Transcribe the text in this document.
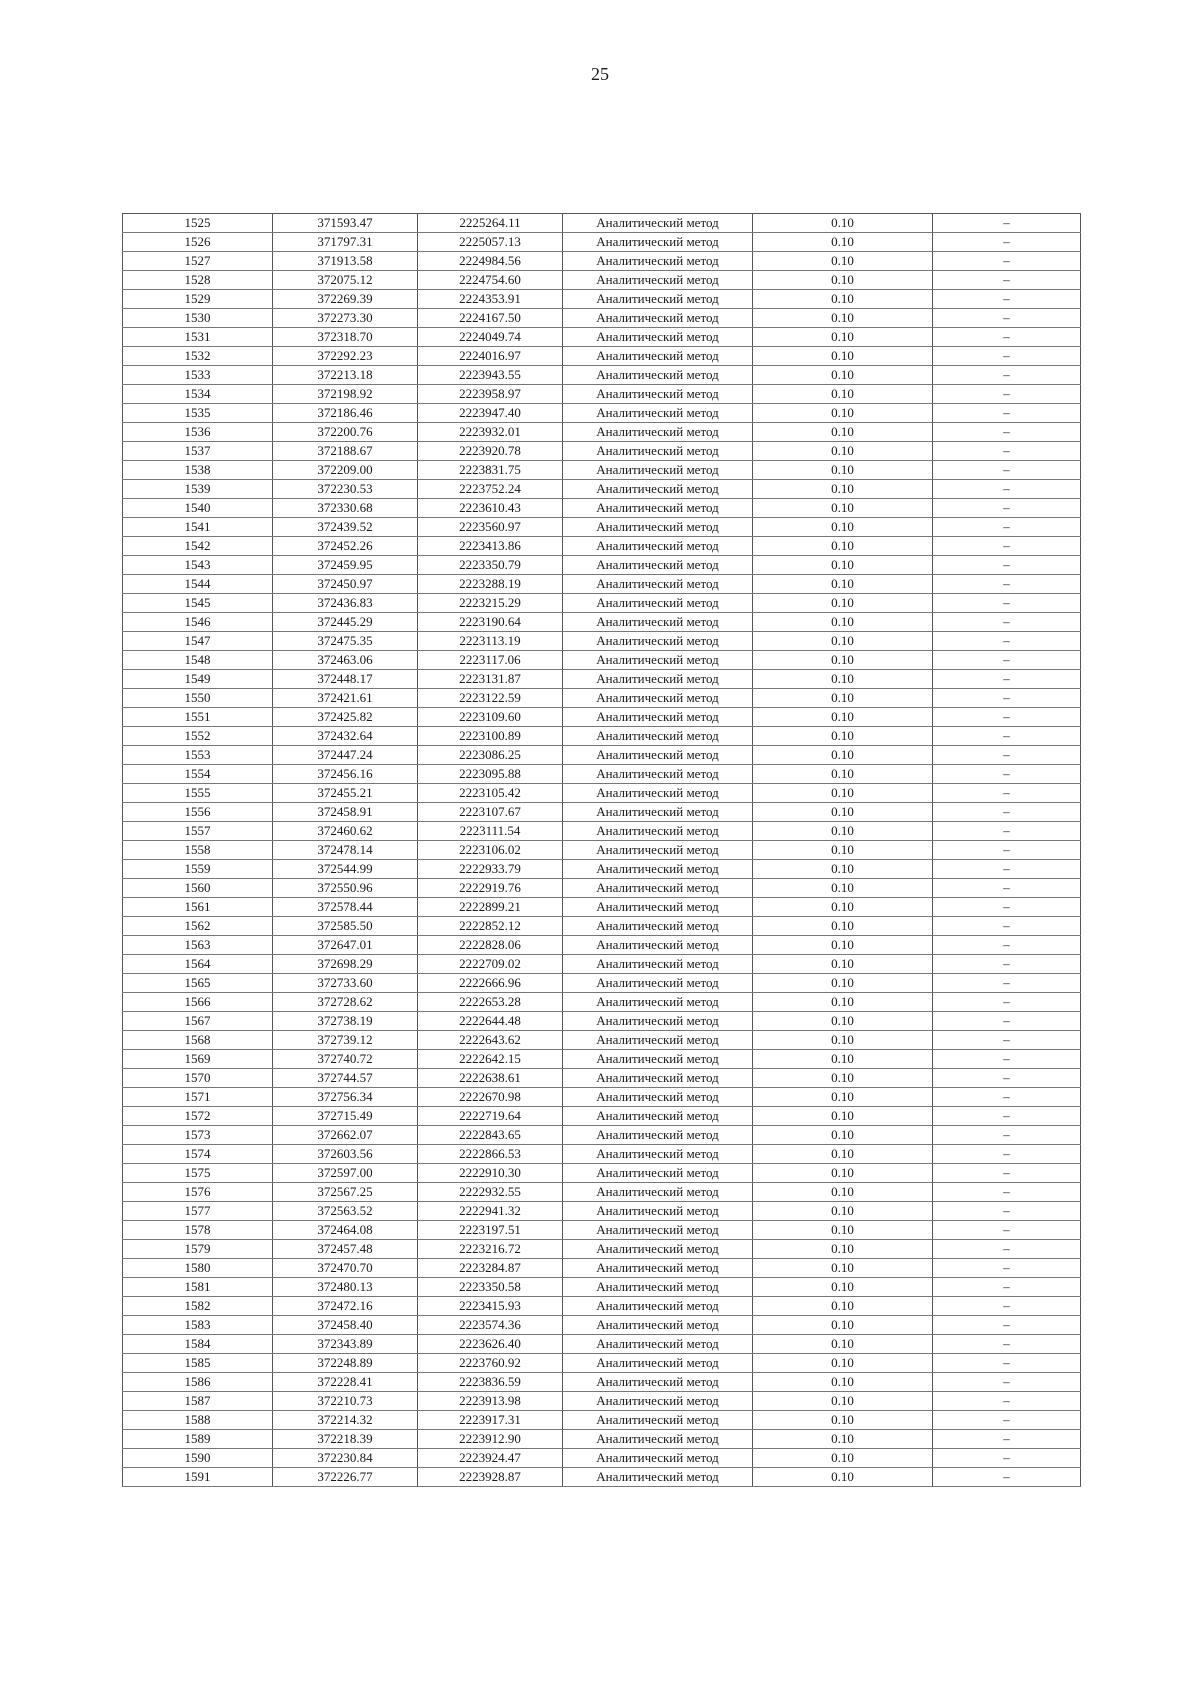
25
1525	371593.47	2225264.11	Аналитический метод	0.10	–
1526	371797.31	2225057.13	Аналитический метод	0.10	–
1527	371913.58	2224984.56	Аналитический метод	0.10	–
1528	372075.12	2224754.60	Аналитический метод	0.10	–
1529	372269.39	2224353.91	Аналитический метод	0.10	–
1530	372273.30	2224167.50	Аналитический метод	0.10	–
1531	372318.70	2224049.74	Аналитический метод	0.10	–
1532	372292.23	2224016.97	Аналитический метод	0.10	–
1533	372213.18	2223943.55	Аналитический метод	0.10	–
1534	372198.92	2223958.97	Аналитический метод	0.10	–
1535	372186.46	2223947.40	Аналитический метод	0.10	–
1536	372200.76	2223932.01	Аналитический метод	0.10	–
1537	372188.67	2223920.78	Аналитический метод	0.10	–
1538	372209.00	2223831.75	Аналитический метод	0.10	–
1539	372230.53	2223752.24	Аналитический метод	0.10	–
1540	372330.68	2223610.43	Аналитический метод	0.10	–
1541	372439.52	2223560.97	Аналитический метод	0.10	–
1542	372452.26	2223413.86	Аналитический метод	0.10	–
1543	372459.95	2223350.79	Аналитический метод	0.10	–
1544	372450.97	2223288.19	Аналитический метод	0.10	–
1545	372436.83	2223215.29	Аналитический метод	0.10	–
1546	372445.29	2223190.64	Аналитический метод	0.10	–
1547	372475.35	2223113.19	Аналитический метод	0.10	–
1548	372463.06	2223117.06	Аналитический метод	0.10	–
1549	372448.17	2223131.87	Аналитический метод	0.10	–
1550	372421.61	2223122.59	Аналитический метод	0.10	–
1551	372425.82	2223109.60	Аналитический метод	0.10	–
1552	372432.64	2223100.89	Аналитический метод	0.10	–
1553	372447.24	2223086.25	Аналитический метод	0.10	–
1554	372456.16	2223095.88	Аналитический метод	0.10	–
1555	372455.21	2223105.42	Аналитический метод	0.10	–
1556	372458.91	2223107.67	Аналитический метод	0.10	–
1557	372460.62	2223111.54	Аналитический метод	0.10	–
1558	372478.14	2223106.02	Аналитический метод	0.10	–
1559	372544.99	2222933.79	Аналитический метод	0.10	–
1560	372550.96	2222919.76	Аналитический метод	0.10	–
1561	372578.44	2222899.21	Аналитический метод	0.10	–
1562	372585.50	2222852.12	Аналитический метод	0.10	–
1563	372647.01	2222828.06	Аналитический метод	0.10	–
1564	372698.29	2222709.02	Аналитический метод	0.10	–
1565	372733.60	2222666.96	Аналитический метод	0.10	–
1566	372728.62	2222653.28	Аналитический метод	0.10	–
1567	372738.19	2222644.48	Аналитический метод	0.10	–
1568	372739.12	2222643.62	Аналитический метод	0.10	–
1569	372740.72	2222642.15	Аналитический метод	0.10	–
1570	372744.57	2222638.61	Аналитический метод	0.10	–
1571	372756.34	2222670.98	Аналитический метод	0.10	–
1572	372715.49	2222719.64	Аналитический метод	0.10	–
1573	372662.07	2222843.65	Аналитический метод	0.10	–
1574	372603.56	2222866.53	Аналитический метод	0.10	–
1575	372597.00	2222910.30	Аналитический метод	0.10	–
1576	372567.25	2222932.55	Аналитический метод	0.10	–
1577	372563.52	2222941.32	Аналитический метод	0.10	–
1578	372464.08	2223197.51	Аналитический метод	0.10	–
1579	372457.48	2223216.72	Аналитический метод	0.10	–
1580	372470.70	2223284.87	Аналитический метод	0.10	–
1581	372480.13	2223350.58	Аналитический метод	0.10	–
1582	372472.16	2223415.93	Аналитический метод	0.10	–
1583	372458.40	2223574.36	Аналитический метод	0.10	–
1584	372343.89	2223626.40	Аналитический метод	0.10	–
1585	372248.89	2223760.92	Аналитический метод	0.10	–
1586	372228.41	2223836.59	Аналитический метод	0.10	–
1587	372210.73	2223913.98	Аналитический метод	0.10	–
1588	372214.32	2223917.31	Аналитический метод	0.10	–
1589	372218.39	2223912.90	Аналитический метод	0.10	–
1590	372230.84	2223924.47	Аналитический метод	0.10	–
1591	372226.77	2223928.87	Аналитический метод	0.10	–
